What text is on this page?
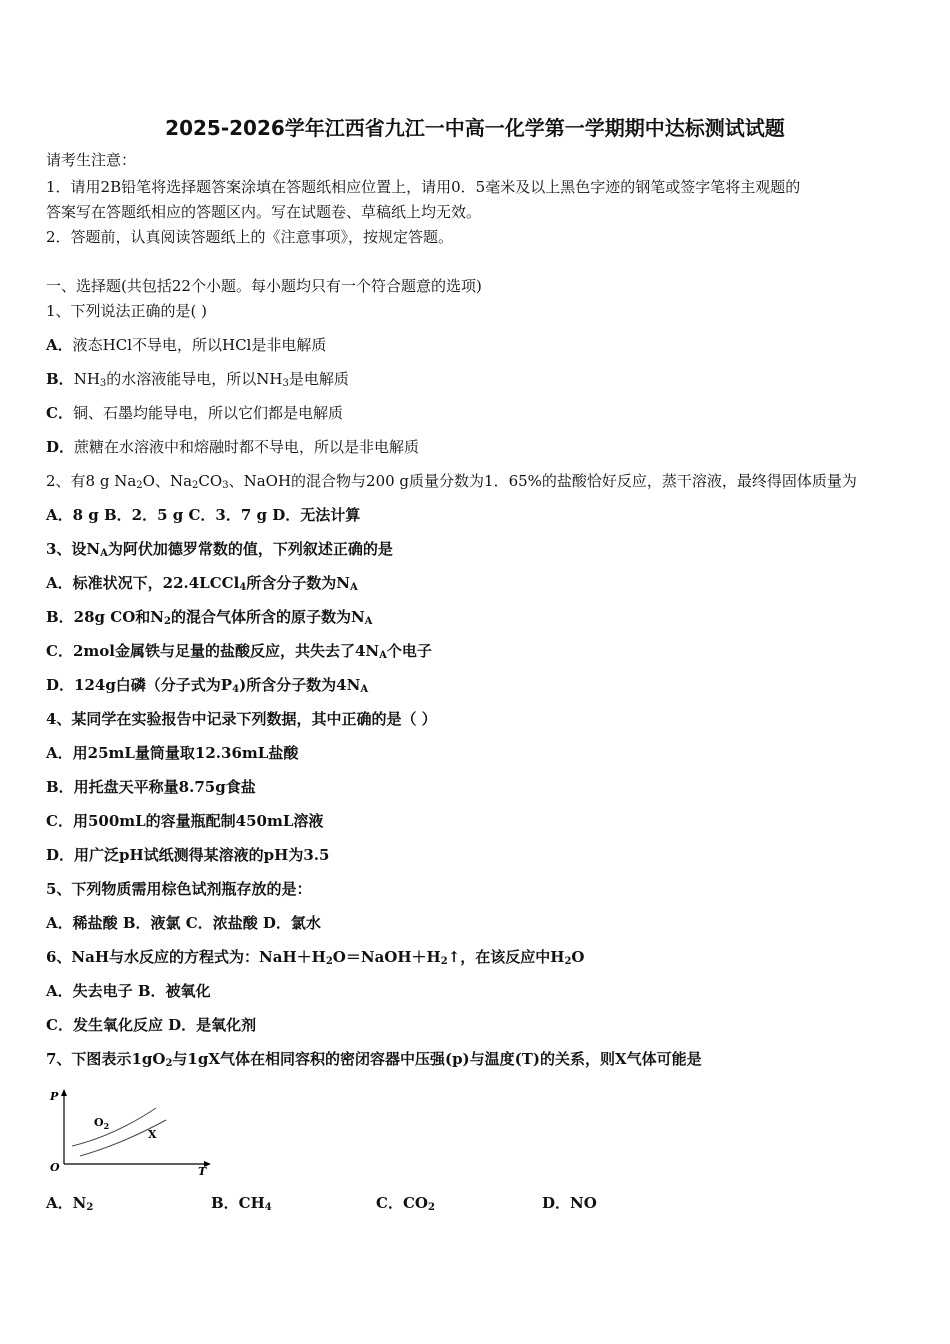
2025-2026学年江西省九江一中高一化学第一学期期中达标测试试题
请考生注意：
1．请用2B铅笔将选择题答案涂填在答题纸相应位置上，请用0．5毫米及以上黑色字迹的钢笔或签字笔将主观题的
答案写在答题纸相应的答题区内。写在试题卷、草稿纸上均无效。
2．答题前，认真阅读答题纸上的《注意事项》，按规定答题。
一、选择题(共包括22个小题。每小题均只有一个符合题意的选项)
1、下列说法正确的是( )
A．液态HCl不导电，所以HCl是非电解质
B．$NH_3$的水溶液能导电，所以$NH_3$是电解质
C．铜、石墨均能导电，所以它们都是电解质
D．蔗糖在水溶液中和熔融时都不导电，所以是非电解质
2、有8 g $Na_2O$、$Na_2CO_3$、NaOH的混合物与200 g质量分数为1．65%的盐酸恰好反应，蒸干溶液，最终得固体质量为
A．8 g B．2．5 g C．3．7 g D．无法计算
3、设$N_A$为阿伏加德罗常数的值，下列叙述正确的是
A．标准状况下，22.4LCCl$_4$所含分子数为$N_A$
B．28g CO和$N_2$的混合气体所含的原子数为$N_A$
C．2mol金属铁与足量的盐酸反应，共失去了$4N_A$个电子
D．124g白磷（分子式为$P_4$)所含分子数为$4N_A$
4、某同学在实验报告中记录下列数据，其中正确的是（ ）
A．用25mL量筒量取12.36mL盐酸
B．用托盘天平称量8.75g食盐
C．用500mL的容量瓶配制450mL溶液
D．用广泛pH试纸测得某溶液的pH为3.5
5、下列物质需用棕色试剂瓶存放的是：
A．稀盐酸 B．液氯 C．浓盐酸 D．氯水
6、NaH与水反应的方程式为：$NaH+H_2O=NaOH+H_2↑$，在该反应中$H_2O$
A．失去电子 B．被氧化
C．发生氧化反应 D．是氧化剂
7、下图表示$1gO_2$与1gX气体在相同容积的密闭容器中压强(p)与温度(T)的关系，则X气体可能是
P
T
O
$O_2$
X
A．$N_2$	B．$CH_4$	C．$CO_2$	D．NO
